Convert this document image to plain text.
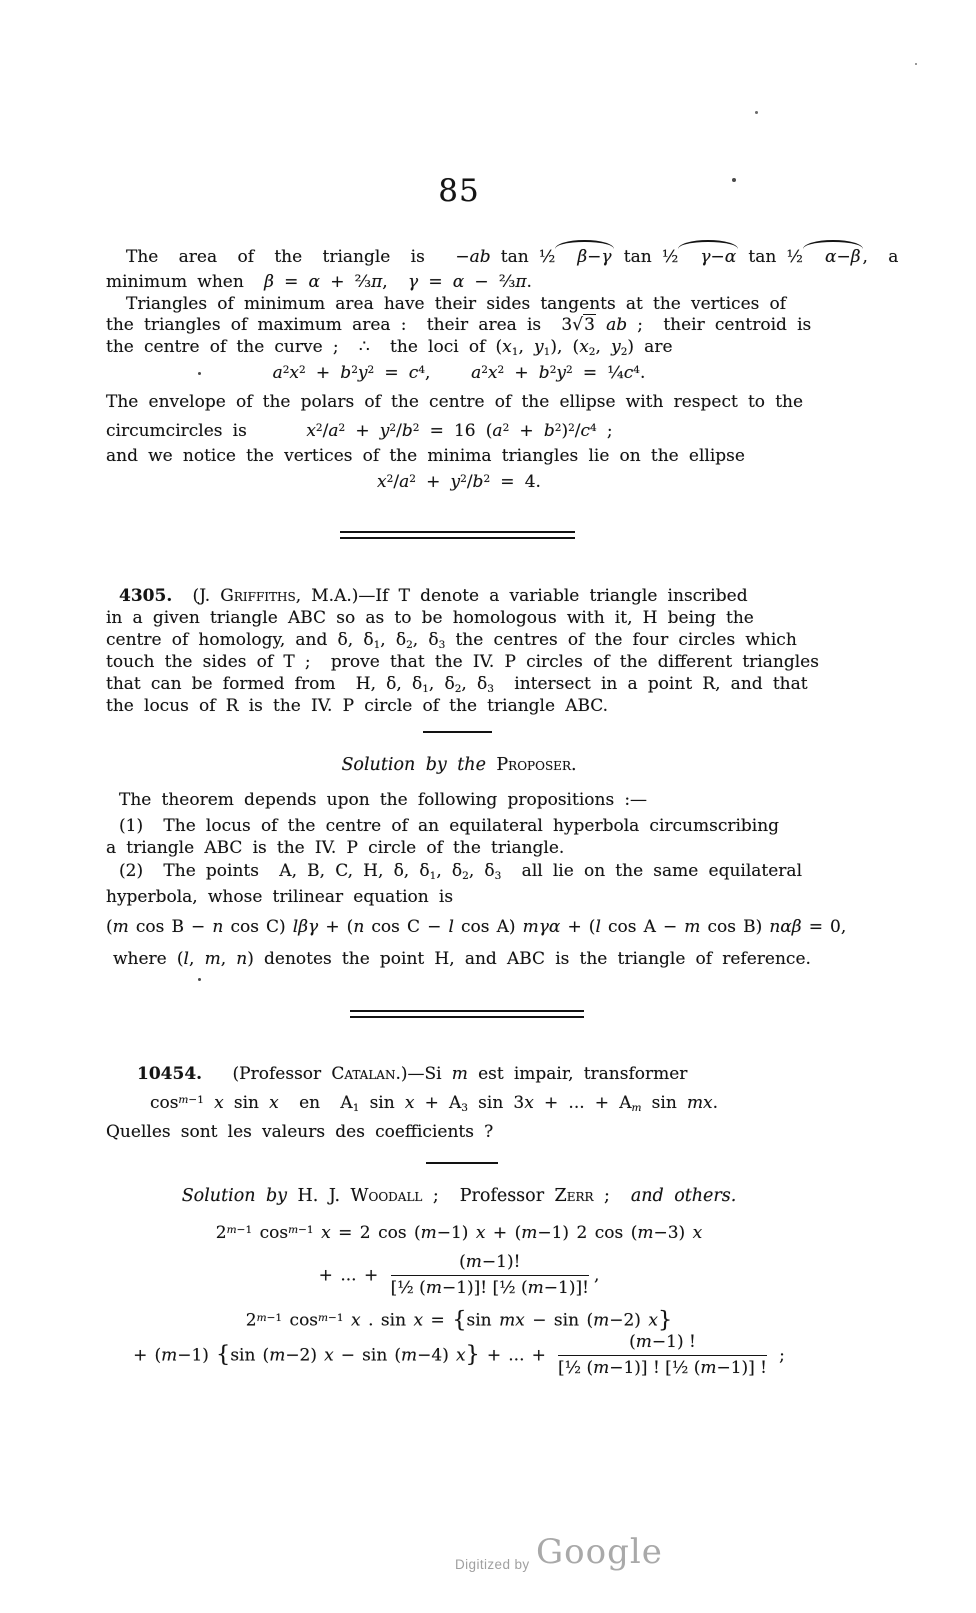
85
The  area  of  the  triangle  is   −ab tan ½ β−γ tan ½ γ−α tan ½ α−β ,  a
minimum when  β = α + ⅔π,  γ = α − ⅔π.
Triangles of minimum area have their sides tangents at the vertices of
the triangles of maximum area :  their area is  3√3 ab ;  their centroid is
the centre of the curve ;  ∴  the loci of ($x_1$, $y_1$), ($x_2$, $y_2$) are
$a^2x^2 + b^2y^2 = c^4$,    $a^2x^2 + b^2y^2$ = $\frac{1}{4}c^4$.
The envelope of the polars of the centre of the ellipse with respect to the
circumcircles is    $x^2/a^2 + y^2/b^2 = 16$ $(a^2 + b^2)^2/c^4$ ;
and we notice the vertices of the minima triangles lie on the ellipse
$x^2/a^2 + y^2/b^2 = 4$.
4305.  (J. Griffiths, M.A.)—If T denote a variable triangle inscribed
in a given triangle ABC so as to be homologous with it, H being the
centre of homology, and δ, $\delta_1$, $\delta_2$, $\delta_3$ the centres of the four circles which
touch the sides of T ;  prove that the IV. P circles of the different triangles
that can be formed from  H, δ, $\delta_1$, $\delta_2$, $\delta_3$  intersect in a point R, and that
the locus of R is the IV. P circle of the triangle ABC.
Solution by the Proposer.
The theorem depends upon the following propositions :—
(1)  The locus of the centre of an equilateral hyperbola circumscribing
a triangle ABC is the IV. P circle of the triangle.
(2)  The points  A, B, C, H, δ, $\delta_1$, $\delta_2$, $\delta_3$  all lie on the same equilateral
hyperbola, whose trilinear equation is
(m cos B − n cos C) lβγ + (n cos C − l cos A) mγα + (l cos A − m cos B) nαβ = 0,
where (l, m, n) denotes the point H, and ABC is the triangle of reference.
10454.   (Professor Catalan.)—Si m est impair, transformer
$\cos^{m-1} x$ sin x  en  $A_1$ $\sin x + A_3$ sin 3x + ... + $A_m$ sin mx.
Quelles sont les valeurs des coefficients ?
Solution by H. J. Woodall ;  Professor Zerr ;  and others.
$2^{m-1}$ $\cos^{m-1} x = 2$ cos (m−1) x + (m−1) 2 cos (m−3) x
+ ... + $\frac{(m-1)!}{\text{[½ (m−1)]! [½ (m−1)]!}}$ ,
$2^{m-1}$ $\cos^{m-1} x$ . sin x = {sin mx − sin (m−2) x}
+ (m−1) {sin (m−2) x − sin (m−4) x} + ... + $\frac{(m-1) !}{\text{[½ (m−1)] ! [½ (m−1)] !}}$ ;
Digitized by Google
